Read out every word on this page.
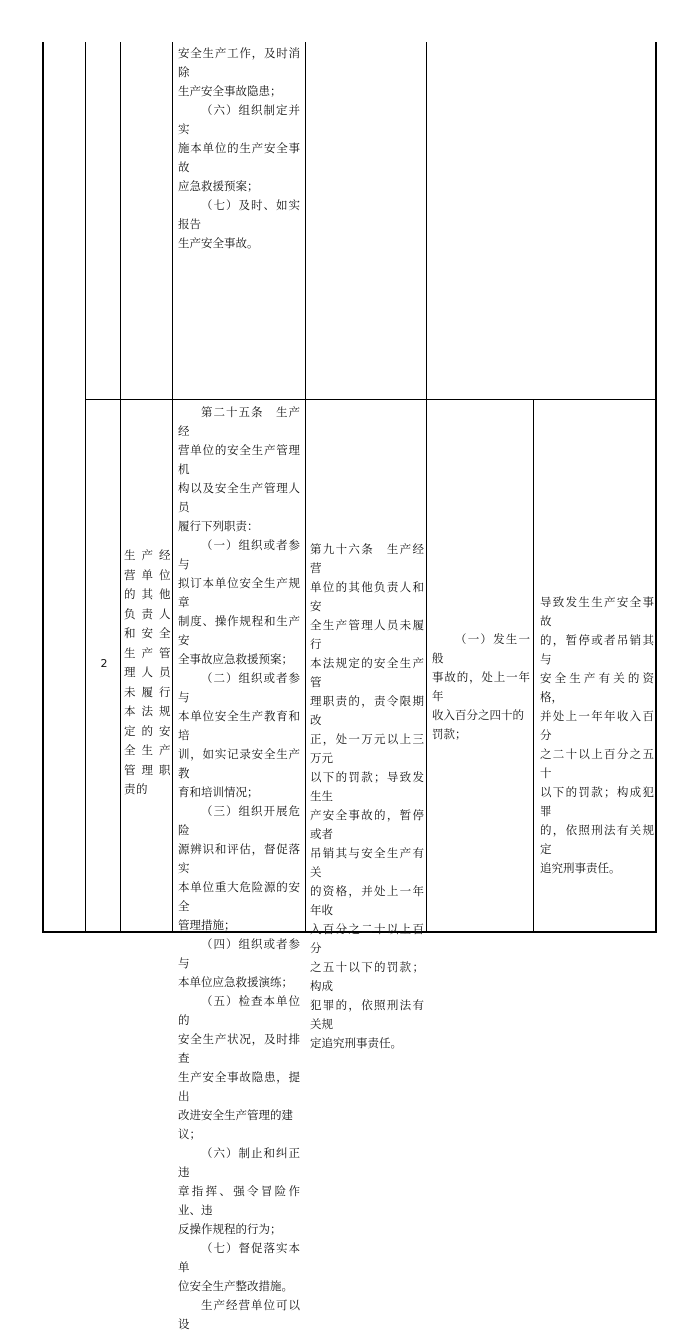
安全生产工作，及时消除

生产安全事故隐患；

（六）组织制定并实

施本单位的生产安全事故

应急救援预案；

（七）及时、如实报告

生产安全事故。

2
生产经营单位的其他负责人和安全生产管理人员未履行本法规定的安全生产管理职责的

第二十五条　生产经

营单位的安全生产管理机

构以及安全生产管理人员

履行下列职责：

（一）组织或者参与

拟订本单位安全生产规章

制度、操作规程和生产安

全事故应急救援预案；

（二）组织或者参与

本单位安全生产教育和培

训，如实记录安全生产教

育和培训情况；

（三）组织开展危险

源辨识和评估，督促落实

本单位重大危险源的安全

管理措施；

（四）组织或者参与

本单位应急救援演练；

（五）检查本单位的

安全生产状况，及时排查

生产安全事故隐患，提出

改进安全生产管理的建

议；

（六）制止和纠正违

章指挥、强令冒险作业、违

反操作规程的行为；

（七）督促落实本单

位安全生产整改措施。

生产经营单位可以设

第九十六条　生产经营

单位的其他负责人和安

全生产管理人员未履行

本法规定的安全生产管

理职责的，责令限期改

正，处一万元以上三万元

以下的罚款；导致发生生

产安全事故的，暂停或者

吊销其与安全生产有关

的资格，并处上一年年收

入百分之二十以上百分

之五十以下的罚款；构成

犯罪的，依照刑法有关规

定追究刑事责任。

（一）发生一般

事故的，处上一年年

收入百分之四十的

罚款；

导致发生生产安全事故

的，暂停或者吊销其与

安全生产有关的资格，

并处上一年年收入百分

之二十以上百分之五十

以下的罚款；构成犯罪

的，依照刑法有关规定

追究刑事责任。
